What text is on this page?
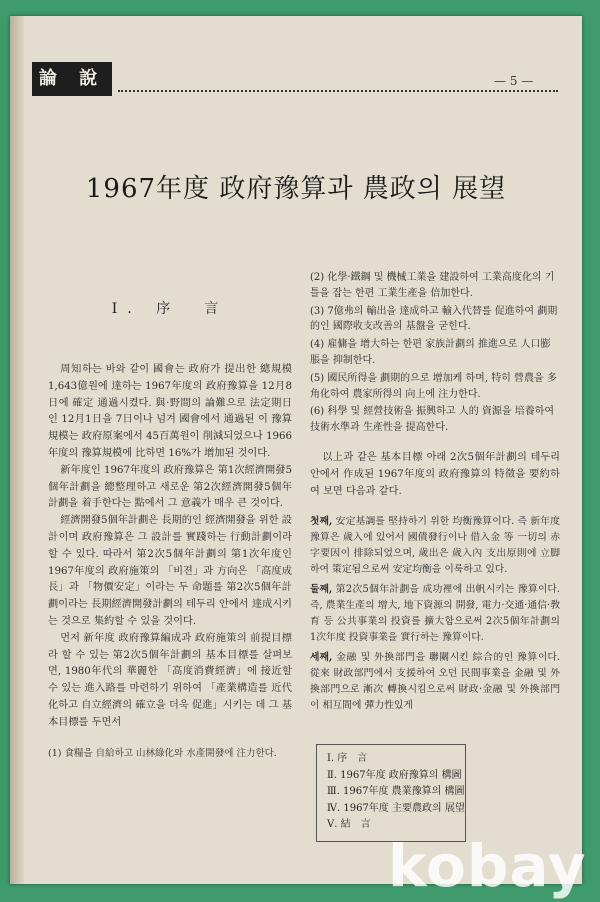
論 說	— 5 —
1967年度 政府豫算과 農政의 展望
Ⅰ. 序　言

周知하는 바와 같이 國會는 政府가 提出한 總規模 1,643億원에 達하는 1967年度의 政府豫算을 12月8日에 確定 通過시켰다. 與·野間의 論難으로 法定期日인 12月1日을 7日이나 넘겨 國會에서 通過된 이 豫算規模는 政府原案에서 45百萬원이 削減되었으나 1966年度의 豫算規模에 比하면 16%가 增加된 것이다.

新年度인 1967年度의 政府豫算은 第1次經濟開發5個年計劃을 總整理하고 새로운 第2次經濟開發5個年計劃을 着手한다는 點에서 그 意義가 매우 큰 것이다.

經濟開發5個年計劃은 長期的인 經濟開發을 위한 設計이며 政府豫算은 그 設計를 實踐하는 行動計劃이라 할 수 있다. 따라서 第2次5個年計劃의 第1次年度인 1967年度의 政府施策의 「비젼」과 方向은 「高度成長」과 「物價安定」이라는 두 命題를 第2次5個年計劃이라는 長期經濟開發計劃의 테두리 안에서 達成시키는 것으로 集約할 수 있을 것이다.

먼저 新年度 政府豫算編成과 政府施策의 前提目標라 할 수 있는 第2次5個年計劃의 基本目標를 살펴보면, 1980年代의 華麗한 「高度消費經濟」에 接近할 수 있는 進入路를 마련하기 위하여 「產業構造를 近代化하고 自立經濟의 確立을 더욱 促進」시키는 데 그 基本目標를 두면서

(1) 食糧을 自給하고 山林綠化와 水產開發에 注力한다.

(2) 化學·鐵鋼 및 機械工業을 建設하여 工業高度化의 기틀을 잡는 한편 工業生產을 倍加한다.

(3) 7億弗의 輸出을 達成하고 輸入代替를 促進하여 劃期的인 國際收支改善의 基盤을 굳힌다.

(4) 雇傭을 增大하는 한편 家族計劃의 推進으로 人口膨脹을 抑制한다.

(5) 國民所得을 劃期的으로 增加케 하며, 特히 營農을 多角化하여 農家所得의 向上에 注力한다.

(6) 科學 및 經營技術을 振興하고 人的 資源을 培養하여 技術水準과 生產性을 提高한다.

以上과 같은 基本目標 아래 2次5個年計劃의 테두리 안에서 作成된 1967年度의 政府豫算의 特徵을 要約하여 보면 다음과 같다.

첫째, 安定基調를 堅持하기 위한 均衡豫算이다. 즉 新年度 豫算은 歲入에 있어서 國債發行이나 借入金 等 一切의 赤字要因이 排除되었으며, 歲出은 歲入內 支出原則에 立脚하여 策定됨으로써 安定均衡을 이룩하고 있다.

둘째, 第2次5個年計劃을 成功裡에 出帆시키는 豫算이다. 즉, 農業生產의 增大, 地下資源의 開發, 電力·交通·通信·敎育 등 公共事業의 投資를 擴大함으로써 2次5個年計劃의 1次年度 投資事業을 實行하는 豫算이다.

세째, 金融 및 外換部門을 聯關시킨 綜合的인 豫算이다. 從來 財政部門에서 支援하여 오던 民間事業을 金融 및 外換部門으로 漸次 轉換시킴으로써 財政·金融 및 外換部門이 相互間에 彈力性있게

Ⅰ. 序　言

Ⅱ. 1967年度 政府豫算의 構圖

Ⅲ. 1967年度 農業豫算의 構圖

Ⅳ. 1967年度 主要農政의 展望

Ⅴ. 結　言

kobay
